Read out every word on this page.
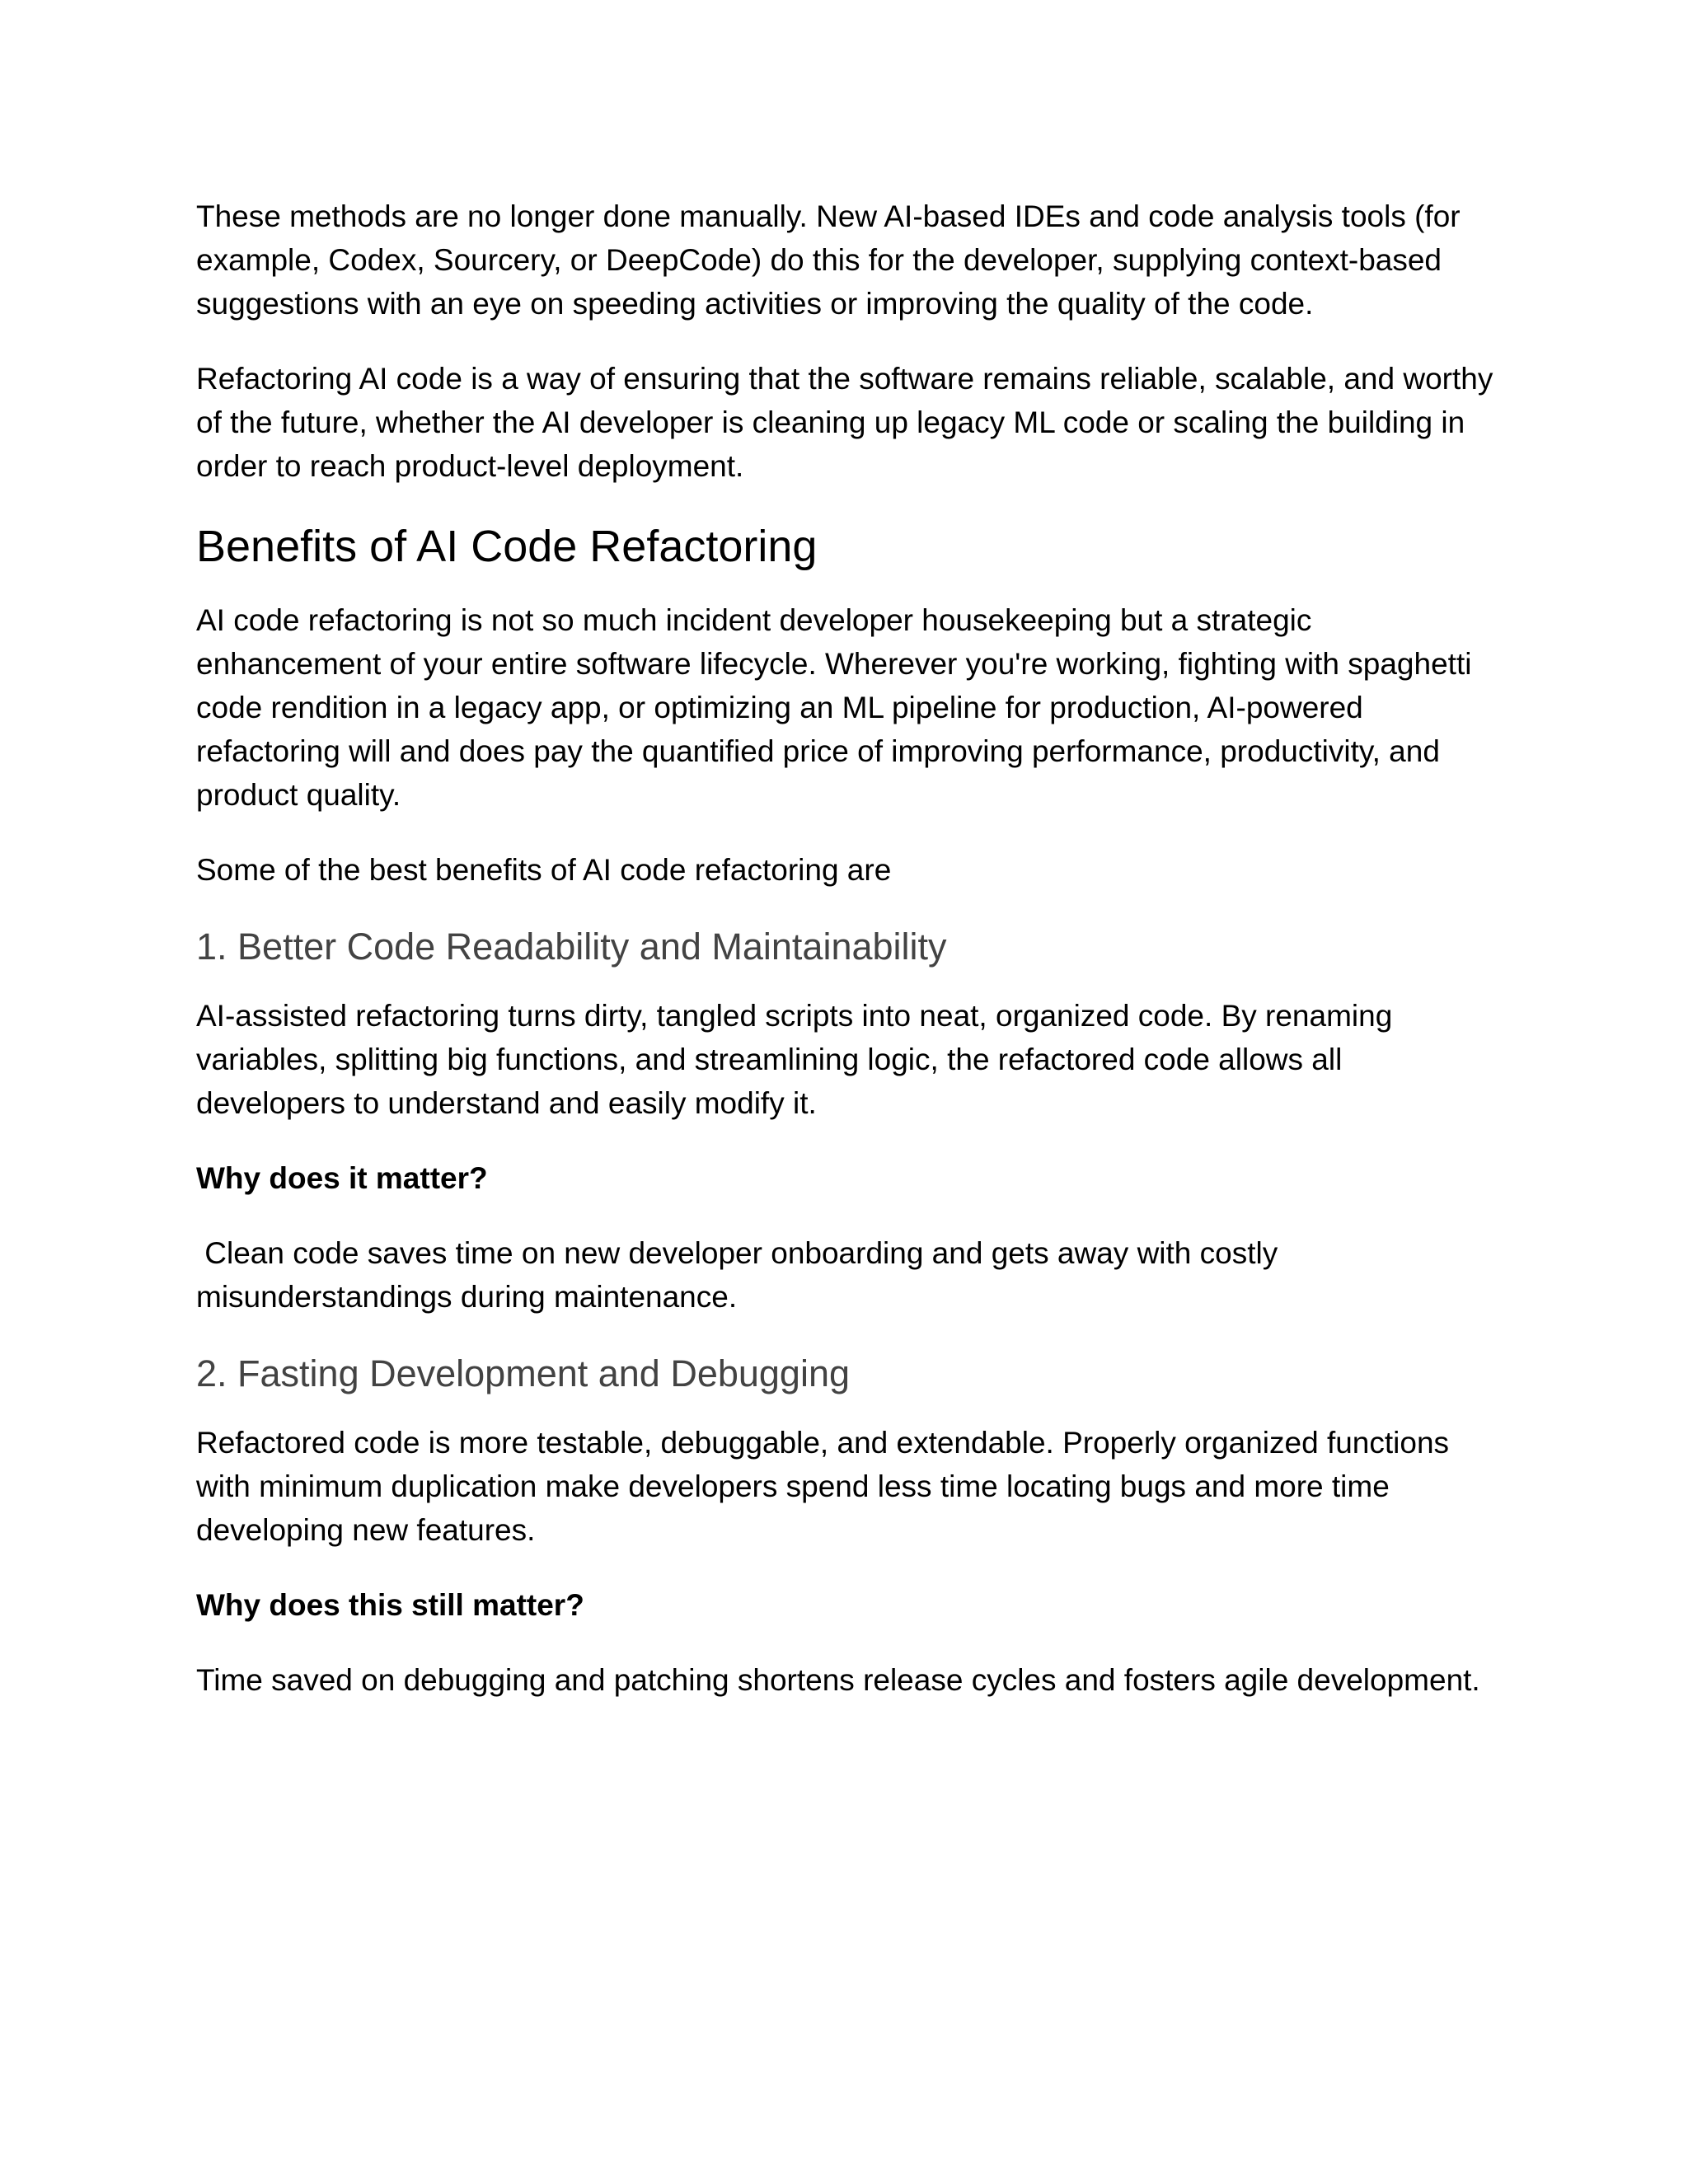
These methods are no longer done manually. New AI-based IDEs and code analysis tools (for example, Codex, Sourcery, or DeepCode) do this for the developer, supplying context-based suggestions with an eye on speeding activities or improving the quality of the code.

Refactoring AI code is a way of ensuring that the software remains reliable, scalable, and worthy of the future, whether the AI developer is cleaning up legacy ML code or scaling the building in order to reach product-level deployment.

Benefits of AI Code Refactoring

AI code refactoring is not so much incident developer housekeeping but a strategic enhancement of your entire software lifecycle. Wherever you're working, fighting with spaghetti code rendition in a legacy app, or optimizing an ML pipeline for production, AI-powered refactoring will and does pay the quantified price of improving performance, productivity, and product quality.

Some of the best benefits of AI code refactoring are

1. Better Code Readability and Maintainability

AI-assisted refactoring turns dirty, tangled scripts into neat, organized code. By renaming variables, splitting big functions, and streamlining logic, the refactored code allows all developers to understand and easily modify it.

Why does it matter?

Clean code saves time on new developer onboarding and gets away with costly misunderstandings during maintenance.

2. Fasting Development and Debugging

Refactored code is more testable, debuggable, and extendable. Properly organized functions with minimum duplication make developers spend less time locating bugs and more time developing new features.

Why does this still matter?

Time saved on debugging and patching shortens release cycles and fosters agile development.
